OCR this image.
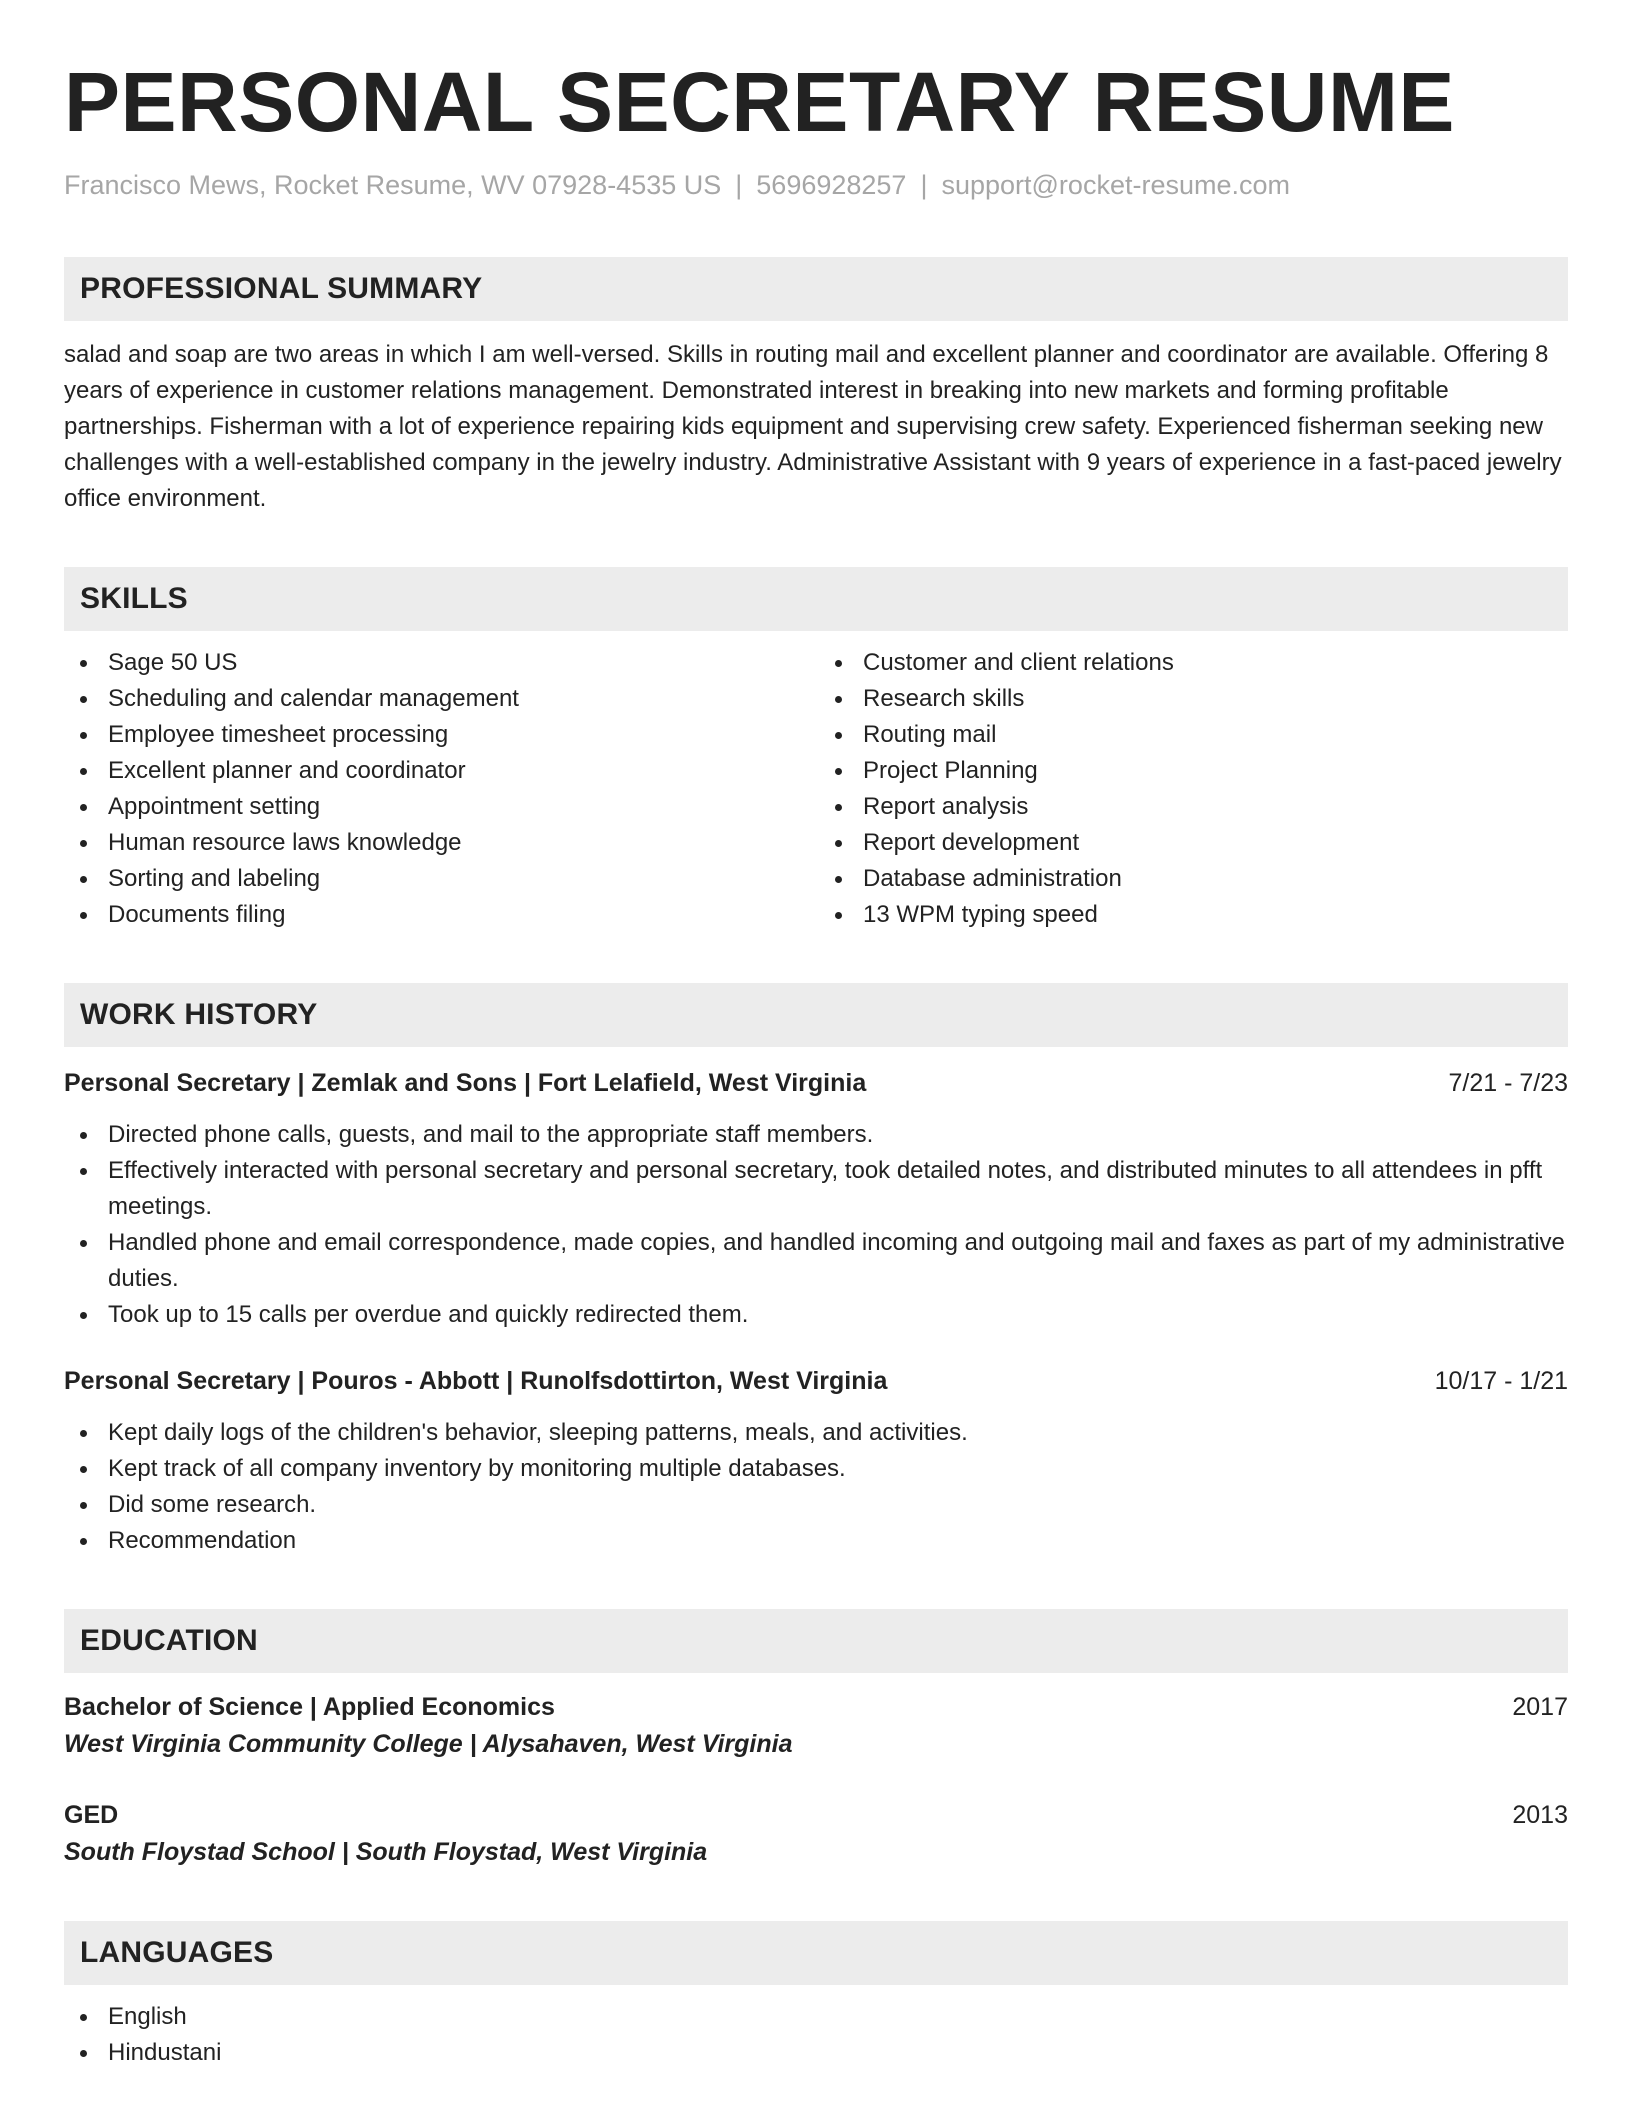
PERSONAL SECRETARY RESUME
Francisco Mews, Rocket Resume, WV 07928-4535 US | 5696928257 | support@rocket-resume.com
PROFESSIONAL SUMMARY

salad and soap are two areas in which I am well-versed. Skills in routing mail and excellent planner and coordinator are available. Offering 8 years of experience in customer relations management. Demonstrated interest in breaking into new markets and forming profitable partnerships. Fisherman with a lot of experience repairing kids equipment and supervising crew safety. Experienced fisherman seeking new challenges with a well-established company in the jewelry industry. Administrative Assistant with 9 years of experience in a fast-paced jewelry office environment.

SKILLS
Sage 50 US
Scheduling and calendar management
Employee timesheet processing
Excellent planner and coordinator
Appointment setting
Human resource laws knowledge
Sorting and labeling
Documents filing
Customer and client relations
Research skills
Routing mail
Project Planning
Report analysis
Report development
Database administration
13 WPM typing speed
WORK HISTORY
Personal Secretary | Zemlak and Sons | Fort Lelafield, West Virginia	7/21 - 7/23
Directed phone calls, guests, and mail to the appropriate staff members.
Effectively interacted with personal secretary and personal secretary, took detailed notes, and distributed minutes to all attendees in pfft meetings.
Handled phone and email correspondence, made copies, and handled incoming and outgoing mail and faxes as part of my administrative duties.
Took up to 15 calls per overdue and quickly redirected them.
Personal Secretary | Pouros - Abbott | Runolfsdottirton, West Virginia	10/17 - 1/21
Kept daily logs of the children's behavior, sleeping patterns, meals, and activities.
Kept track of all company inventory by monitoring multiple databases.
Did some research.
Recommendation
EDUCATION
Bachelor of Science | Applied Economics	2017
West Virginia Community College | Alysahaven, West Virginia
GED	2013
South Floystad School | South Floystad, West Virginia
LANGUAGES
English
Hindustani
